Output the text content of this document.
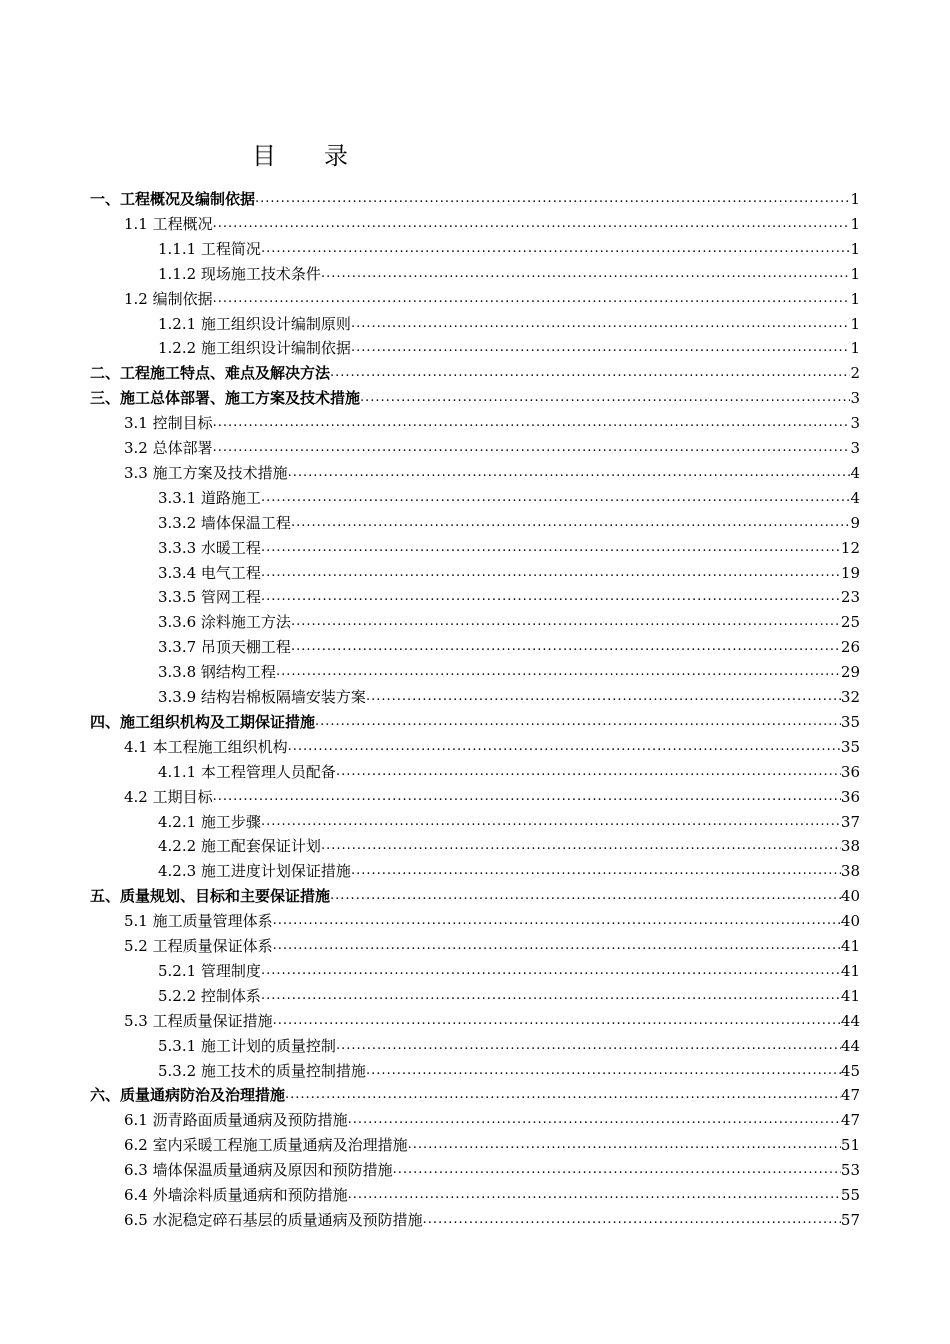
目 录
一、工程概况及编制依据 .....	1
1.1 工程概况 .....	1
1.1.1 工程简况 .....	1
1.1.2 现场施工技术条件 .....	1
1.2 编制依据 .....	1
1.2.1 施工组织设计编制原则 .....	1
1.2.2 施工组织设计编制依据 .....	1
二、工程施工特点、难点及解决方法 .....	2
三、施工总体部署、施工方案及技术措施 .....	3
3.1 控制目标 .....	3
3.2 总体部署 .....	3
3.3 施工方案及技术措施 .....	4
3.3.1 道路施工 .....	4
3.3.2 墙体保温工程 .....	9
3.3.3 水暖工程 .....	12
3.3.4 电气工程 .....	19
3.3.5 管网工程 .....	23
3.3.6 涂料施工方法 .....	25
3.3.7 吊顶天棚工程 .....	26
3.3.8 钢结构工程 .....	29
3.3.9 结构岩棉板隔墙安装方案 .....	32
四、施工组织机构及工期保证措施 .....	35
4.1 本工程施工组织机构 .....	35
4.1.1 本工程管理人员配备 .....	36
4.2 工期目标 .....	36
4.2.1 施工步骤 .....	37
4.2.2 施工配套保证计划 .....	38
4.2.3 施工进度计划保证措施 .....	38
五、质量规划、目标和主要保证措施 .....	40
5.1 施工质量管理体系 .....	40
5.2 工程质量保证体系 .....	41
5.2.1 管理制度 .....	41
5.2.2 控制体系 .....	41
5.3 工程质量保证措施 .....	44
5.3.1 施工计划的质量控制 .....	44
5.3.2 施工技术的质量控制措施 .....	45
六、质量通病防治及治理措施 .....	47
6.1 沥青路面质量通病及预防措施 .....	47
6.2 室内采暖工程施工质量通病及治理措施 .....	51
6.3 墙体保温质量通病及原因和预防措施 .....	53
6.4 外墙涂料质量通病和预防措施 .....	55
6.5 水泥稳定碎石基层的质量通病及预防措施 .....	57
